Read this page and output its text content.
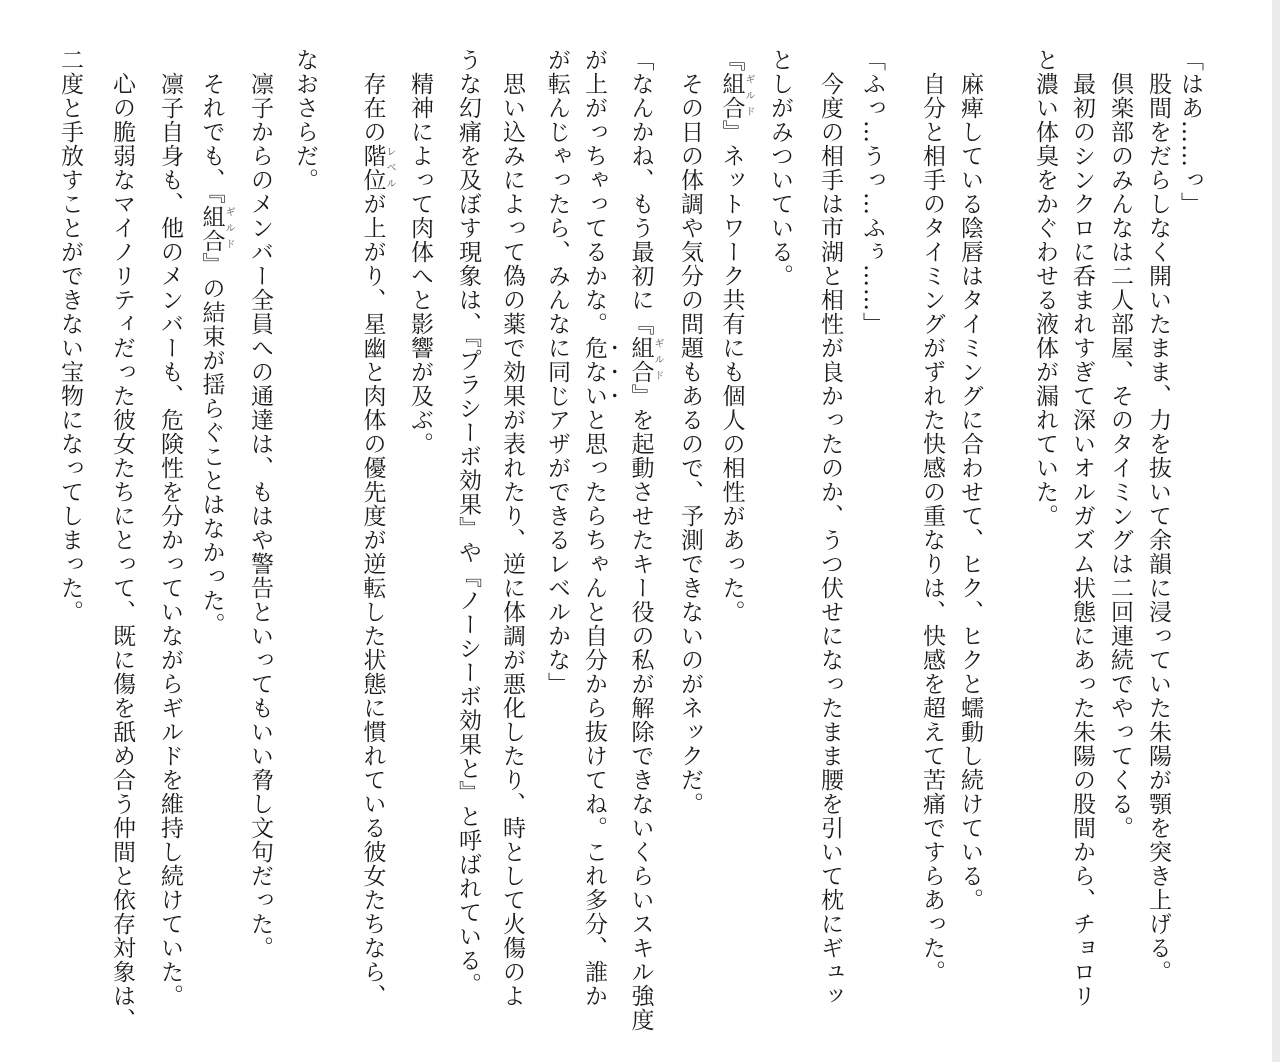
「はあ……っ」
　股間をだらしなく開いたまま、力を抜いて余韻に浸っていた朱陽が顎を突き上げる。
　倶楽部のみんなは二人部屋、そのタイミングは二回連続でやってくる。
　最初のシンクロに呑まれすぎて深いオルガズム状態にあった朱陽の股間から、チョロリ
と濃い体臭をかぐわせる液体が漏れていた。
　麻痺している陰唇はタイミングに合わせて、ヒク、ヒクと蠕動し続けている。
　自分と相手のタイミングがずれた快感の重なりは、快感を超えて苦痛ですらあった。
「ふっ…うっ…ふぅ……」
　今度の相手は市湖と相性が良かったのか、うつ伏せになったまま腰を引いて枕にギュッ
としがみついている。
『組合ギルド』ネットワーク共有にも個人の相性があった。
　その日の体調や気分の問題もあるので、予測できないのがネックだ。
「なんかね、もう最初に『組合ギルド』を起動させたキー役の私が解除できないくらいスキル強度
が上がっちゃってるかな。危ないと思ったらちゃんと自分から抜けてね。これ多分、誰か
が転んじゃったら、みんなに同じアザができるレベルかな」
　思い込みによって偽の薬で効果が表れたり、逆に体調が悪化したり、時として火傷のよ
うな幻痛を及ぼす現象は、『プラシーボ効果』や『ノーシーボ効果と』と呼ばれている。
　精神によって肉体へと影響が及ぶ。
　存在の階位レベルが上がり、星幽と肉体の優先度が逆転した状態に慣れている彼女たちなら、
なおさらだ。
　凛子からのメンバー全員への通達は、もはや警告といってもいい脅し文句だった。
　それでも、『組合ギルド』の結束が揺らぐことはなかった。
　凛子自身も、他のメンバーも、危険性を分かっていながらギルドを維持し続けていた。
　心の脆弱なマイノリティだった彼女たちにとって、既に傷を舐め合う仲間と依存対象は、
二度と手放すことができない宝物になってしまった。
